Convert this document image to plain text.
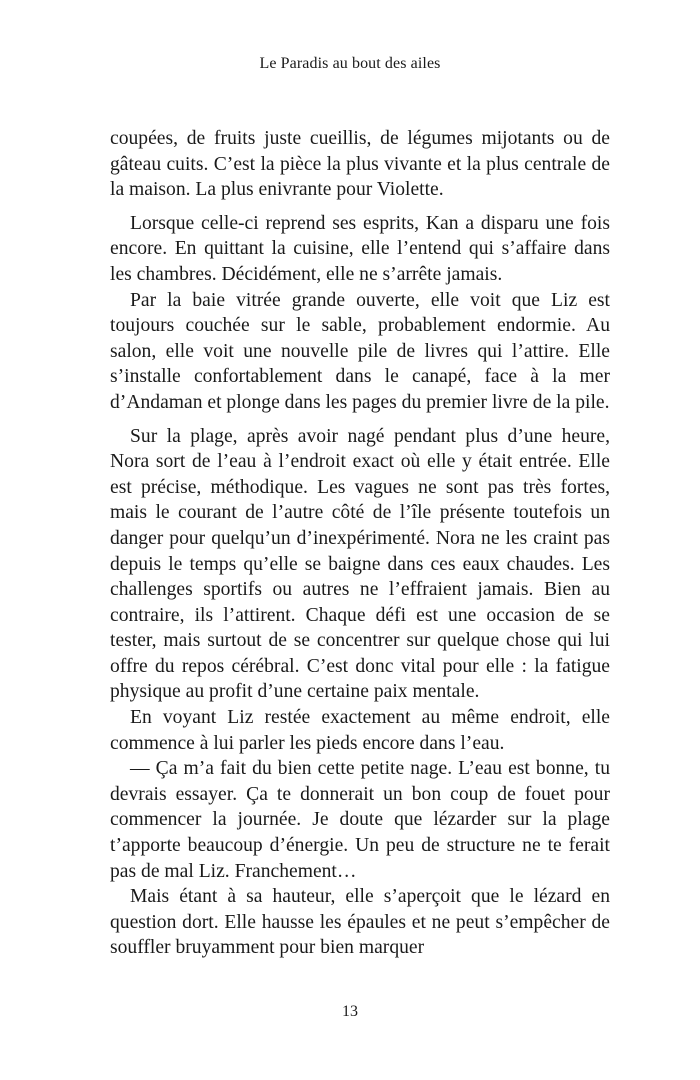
Le Paradis au bout des ailes

coupées, de fruits juste cueillis, de légumes mijotants ou de gâteau cuits. C’est la pièce la plus vivante et la plus centrale de la maison. La plus enivrante pour Violette.

Lorsque celle-ci reprend ses esprits, Kan a disparu une fois encore. En quittant la cuisine, elle l’entend qui s’affaire dans les chambres. Décidément, elle ne s’arrête jamais.

Par la baie vitrée grande ouverte, elle voit que Liz est toujours couchée sur le sable, probablement endormie. Au salon, elle voit une nouvelle pile de livres qui l’attire. Elle s’installe confortablement dans le canapé, face à la mer d’Andaman et plonge dans les pages du premier livre de la pile.

Sur la plage, après avoir nagé pendant plus d’une heure, Nora sort de l’eau à l’endroit exact où elle y était entrée. Elle est précise, méthodique. Les vagues ne sont pas très fortes, mais le courant de l’autre côté de l’île présente toutefois un danger pour quelqu’un d’inexpérimenté. Nora ne les craint pas depuis le temps qu’elle se baigne dans ces eaux chaudes. Les challenges sportifs ou autres ne l’effraient jamais. Bien au contraire, ils l’attirent. Chaque défi est une occasion de se tester, mais surtout de se concentrer sur quelque chose qui lui offre du repos cérébral. C’est donc vital pour elle : la fatigue physique au profit d’une certaine paix mentale.

En voyant Liz restée exactement au même endroit, elle commence à lui parler les pieds encore dans l’eau.

— Ça m’a fait du bien cette petite nage. L’eau est bonne, tu devrais essayer. Ça te donnerait un bon coup de fouet pour commencer la journée. Je doute que lézarder sur la plage t’apporte beaucoup d’énergie. Un peu de structure ne te ferait pas de mal Liz. Franchement…

Mais étant à sa hauteur, elle s’aperçoit que le lézard en question dort. Elle hausse les épaules et ne peut s’empêcher de souffler bruyamment pour bien marquer

13
